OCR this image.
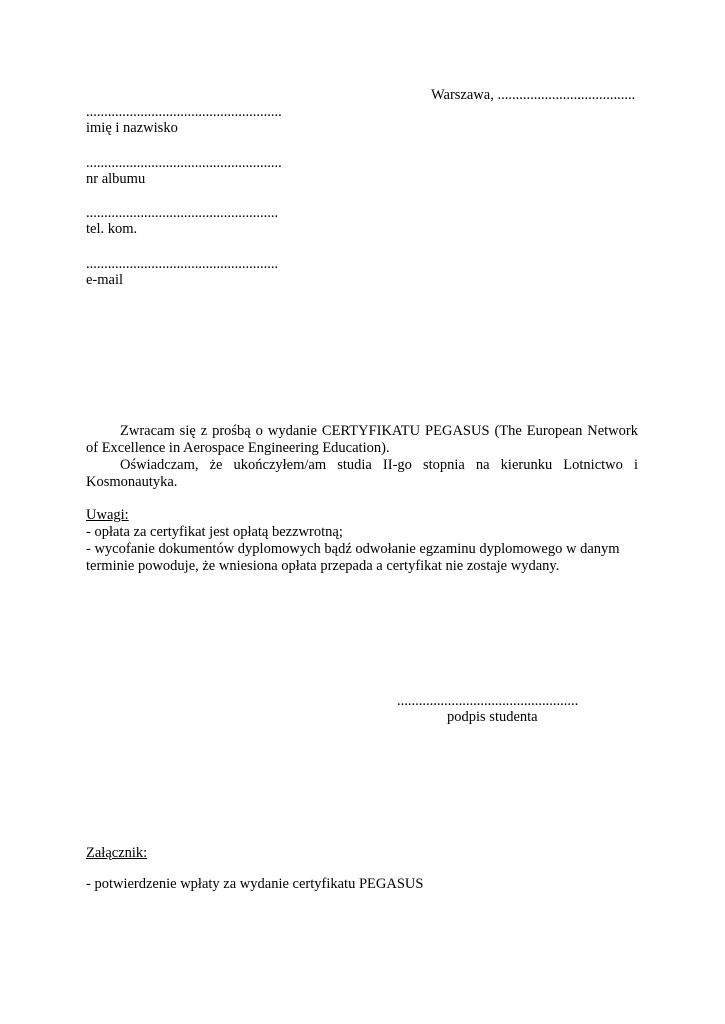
Warszawa, ......................................
......................................................
imię i nazwisko
......................................................
nr albumu
.....................................................
tel. kom.
.....................................................
e-mail
Zwracam się z prośbą o wydanie CERTYFIKATU PEGASUS (The European Network of Excellence in Aerospace Engineering Education).
Oświadczam, że ukończyłem/am studia II-go stopnia na kierunku Lotnictwo i Kosmonautyka.
Uwagi:
- opłata za certyfikat jest opłatą bezzwrotną;
- wycofanie dokumentów dyplomowych bądź odwołanie egzaminu dyplomowego w danym
terminie powoduje, że wniesiona opłata przepada a certyfikat nie zostaje wydany.
..................................................
podpis studenta
Załącznik:
- potwierdzenie wpłaty za wydanie certyfikatu PEGASUS
